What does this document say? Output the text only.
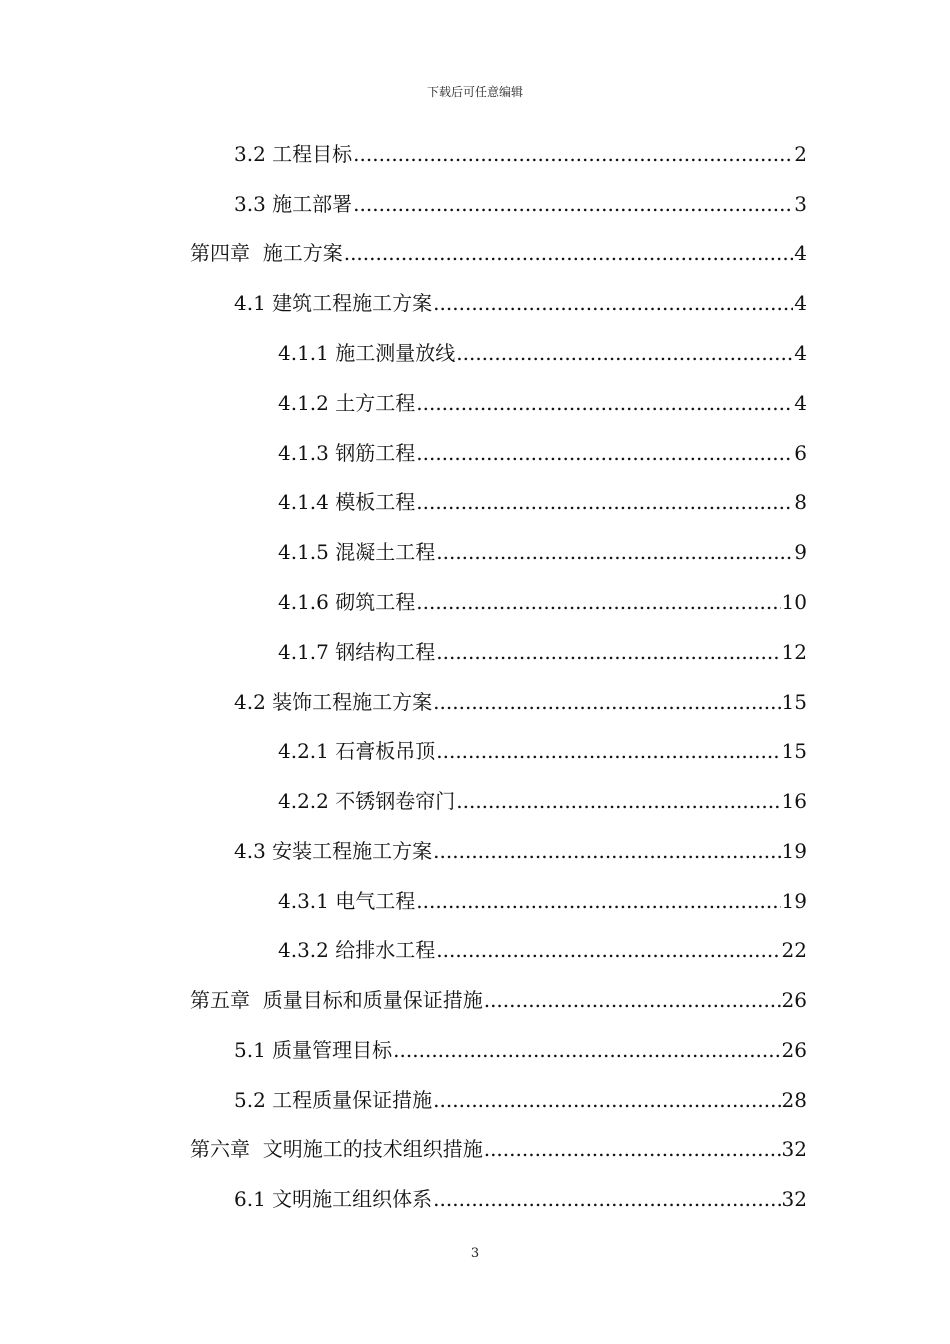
下载后可任意编辑
3.2 工程目标 .....	2
3.3 施工部署 .....	3
第四章 施工方案 .....	4
4.1 建筑工程施工方案 .....	4
4.1.1 施工测量放线 .....	4
4.1.2 土方工程 .....	4
4.1.3 钢筋工程 .....	6
4.1.4 模板工程 .....	8
4.1.5 混凝土工程 .....	9
4.1.6 砌筑工程 .....	10
4.1.7 钢结构工程 .....	12
4.2 装饰工程施工方案 .....	15
4.2.1 石膏板吊顶 .....	15
4.2.2 不锈钢卷帘门 .....	16
4.3 安装工程施工方案 .....	19
4.3.1 电气工程 .....	19
4.3.2 给排水工程 .....	22
第五章 质量目标和质量保证措施 .....	26
5.1 质量管理目标 .....	26
5.2 工程质量保证措施 .....	28
第六章 文明施工的技术组织措施 .....	32
6.1 文明施工组织体系 .....	32
3
